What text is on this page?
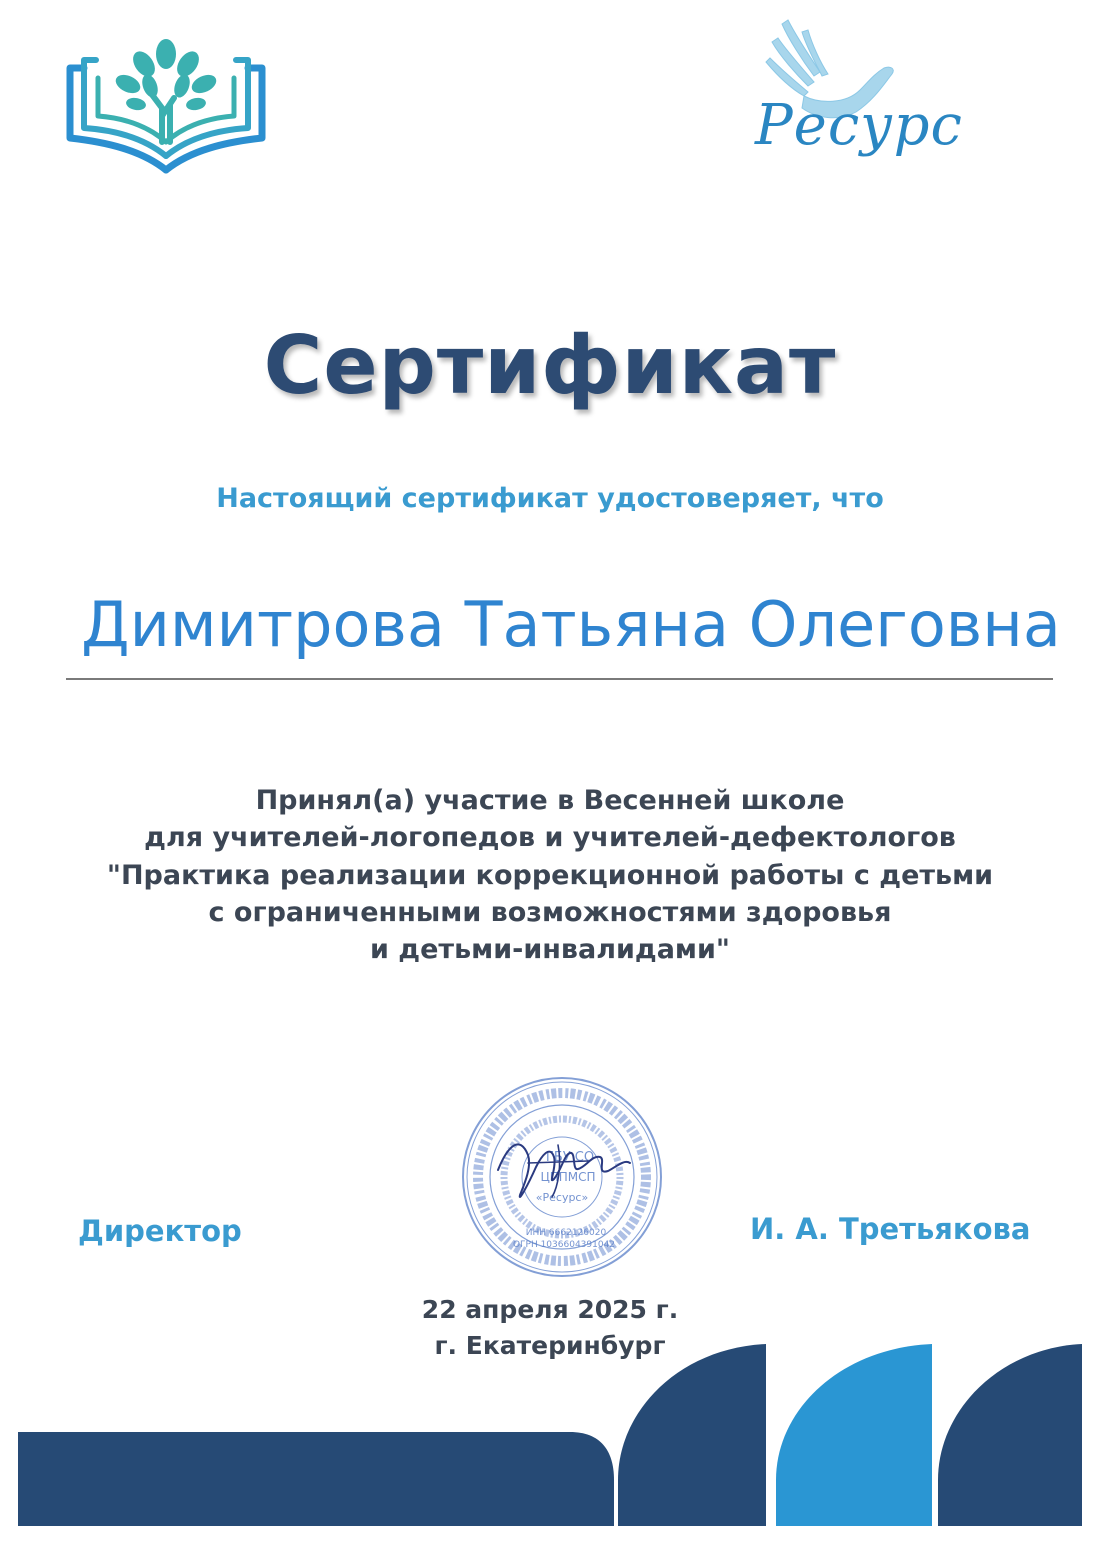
Ресурс
Сертификат
Настоящий сертификат удостоверяет, что
Димитрова Татьяна Олеговна
Принял(а) участие в Весенней школе
для учителей-логопедов и учителей-дефектологов
"Практика реализации коррекционной работы с детьми
с ограниченными возможностями здоровья
и детьми-инвалидами"
ГБУ СО
ЦППМСП
«Ресурс»
ИНН 6662126020
ОГРН 1036604391042
Директор	И. А. Третьякова
22 апреля 2025 г.
г. Екатеринбург
